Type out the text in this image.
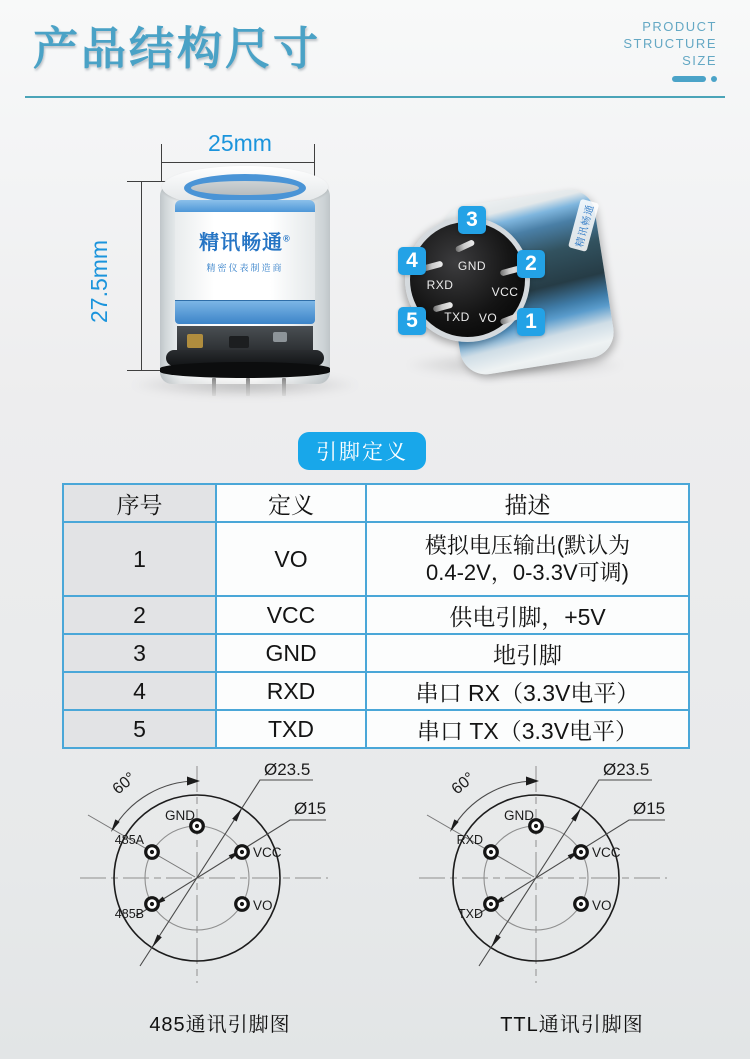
产品结构尺寸	PRODUCT
STRUCTURE
SIZE
25mm
27.5mm	精讯畅通®
精密仪表制造商
精讯畅通
GND
RXD	VCC
TXD VO
3
4	2
5	1
引脚定义
序号	定义	描述
1	VO	模拟电压输出(默认为
0.4-2V，0-3.3V可调)

2	VCC	供电引脚，+5V
3	GND	地引脚
4	RXD	串口 RX（3.3V电平）
5	TXD	串口 TX（3.3V电平）
GND
485A
VCC
485B
VO
Ø23.5
Ø15
60°
485通讯引脚图
GND
RXD
VCC
TXD
VO
Ø23.5
Ø15
60°
TTL通讯引脚图
